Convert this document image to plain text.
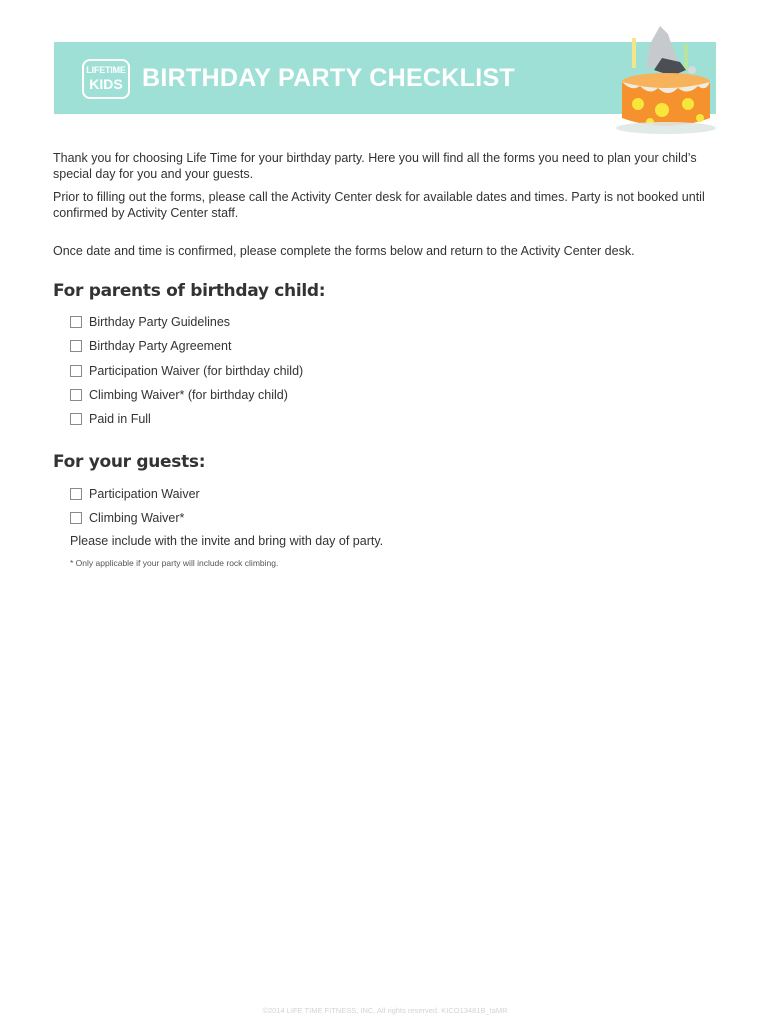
LIFETIME
KIDS BIRTHDAY PARTY CHECKLIST

Thank you for choosing Life Time for your birthday party. Here you will find all the forms you need to plan your child’s special day for you and your guests.

Prior to filling out the forms, please call the Activity Center desk for available dates and times. Party is not booked until confirmed by Activity Center staff.

Once date and time is confirmed, please complete the forms below and return to the Activity Center desk.

For parents of birthday child:
Birthday Party Guidelines
Birthday Party Agreement
Participation Waiver (for birthday child)
Climbing Waiver* (for birthday child)
Paid in Full
For your guests:
Participation Waiver
Climbing Waiver*

Please include with the invite and bring with day of party.

* Only applicable if your party will include rock climbing.

©2014 LIFE TIME FITNESS, INC. All rights reserved. KICO13481B_taMR
